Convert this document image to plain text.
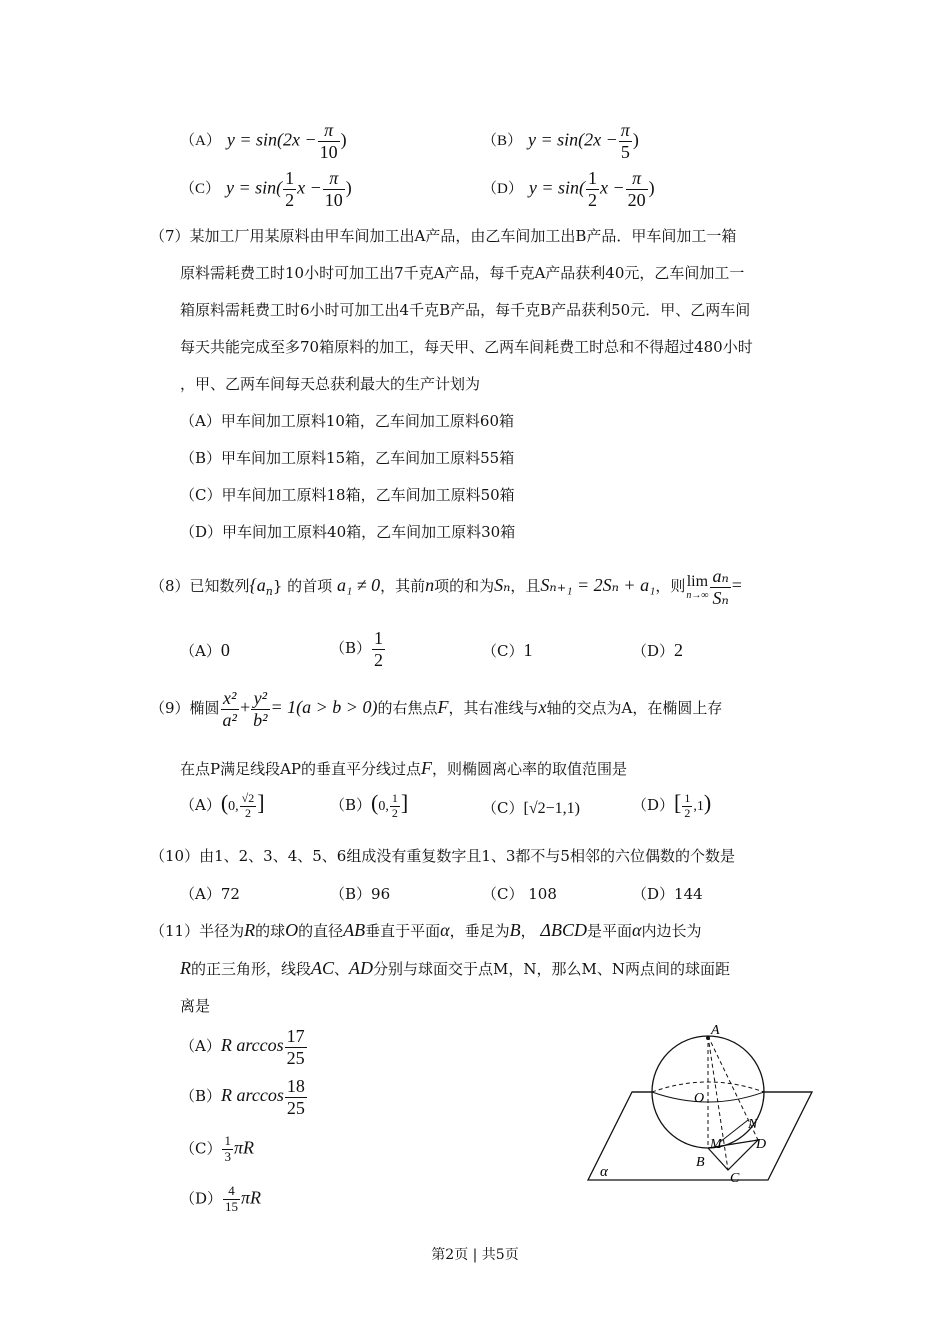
（A） $y = \sin(2x - \frac{\pi}{10}$ )	（B） $y = \sin(2x - \frac{\pi}{5}$ )
（C） $y = \sin( \frac{1}{2}$ $x - \frac{\pi}{10}$ )	（D） $y = \sin( \frac{1}{2}$ $x - \frac{\pi}{20}$ )
（7）某加工厂用某原料由甲车间加工出A产品，由乙车间加工出B产品．甲车间加工一箱
原料需耗费工时10小时可加工出7千克A产品，每千克A产品获利40元，乙车间加工一
箱原料需耗费工时6小时可加工出4千克B产品，每千克B产品获利50元．甲、乙两车间
每天共能完成至多70箱原料的加工，每天甲、乙两车间耗费工时总和不得超过480小时
，甲、乙两车间每天总获利最大的生产计划为
（A）甲车间加工原料10箱，乙车间加工原料60箱
（B）甲车间加工原料15箱，乙车间加工原料55箱
（C）甲车间加工原料18箱，乙车间加工原料50箱
（D）甲车间加工原料40箱，乙车间加工原料30箱
（8）已知数列$\{a_n\}$ 的首项 a₁ ≠ 0，其前n项的和为Sₙ，且Sₙ₊₁ = 2Sₙ + a₁，则 lim
$n\to\infty \frac{\text{aₙ}}{\text{Sₙ}}$ =
（A）0	$(B) \frac{1}{2}$	（C）1	（D）2
（9）椭圆 $\frac{\text{x²}}{\text{a²}} + \frac{\text{y²}}{\text{b²}} = 1(a > b > 0)$的右焦点F，其右准线与x轴的交点为A，在椭圆上存
在点P满足线段AP的垂直平分线过点F，则椭圆离心率的取值范围是
（A）(0, $\frac{√2}{2}$ ]	（B）(0, $\frac{1}{2}$ ]	（C）[√2−1,1)	$(D)[ \frac{1}{2} ,1)$
（10）由1、2、3、4、5、6组成没有重复数字且1、3都不与5相邻的六位偶数的个数是
（A）72	（B）96	（C） 108	（D）144
（11）半径为R的球O的直径AB垂直于平面α，垂足为B， ΔBCD是平面α内边长为
R的正三角形，线段AC、AD分别与球面交于点M，N，那么M、N两点间的球面距
离是
（A）R $\arccos \frac{17}{25}$
（B）R $\arccos \frac{18}{25}$
$(C) \frac{1}{3}$ πR
$(D) \frac{4}{15}$ πR
A
O
N
M D
B
C
α
第2页 | 共5页
